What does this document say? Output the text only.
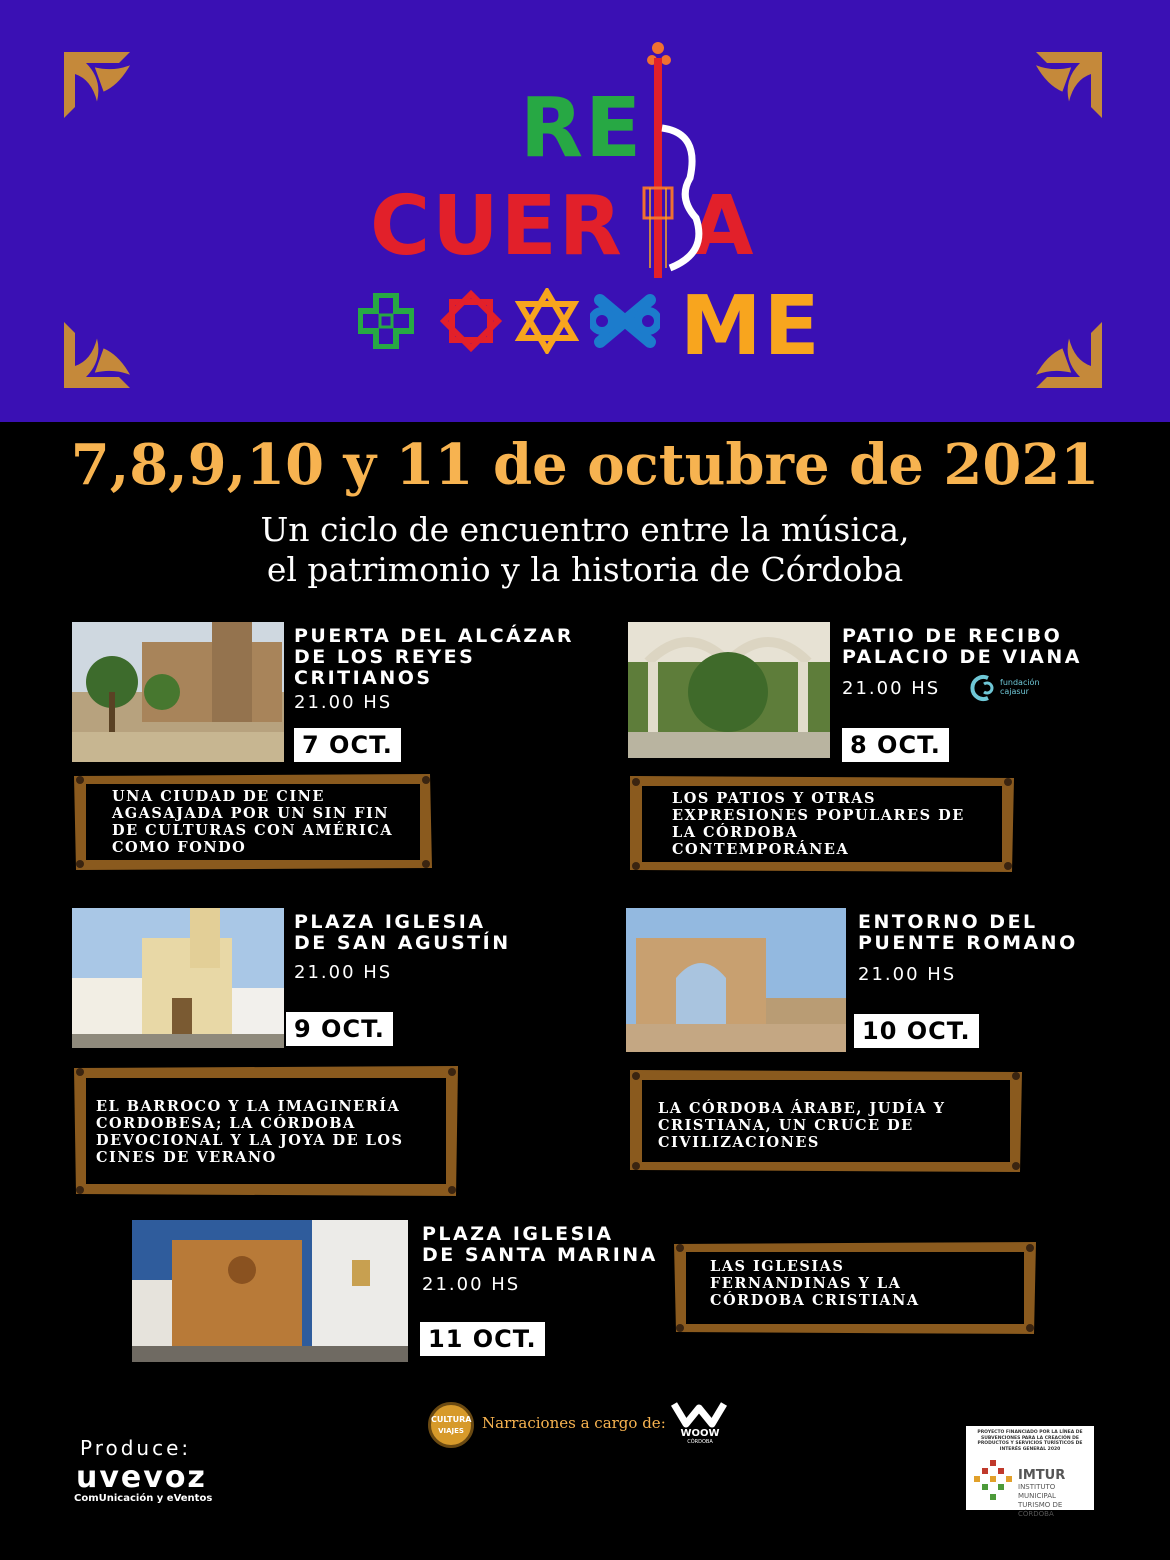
RE
CUER A
ME
7,8,9,10 y 11 de octubre de 2021
Un ciclo de encuentro entre la música,
el patrimonio y la historia de Córdoba
PUERTA DEL ALCÁZAR
DE LOS REYES
CRITIANOS
21.00 HS
7 OCT.
UNA CIUDAD DE CINE
AGASAJADA POR UN SIN FIN
DE CULTURAS CON AMÉRICA
COMO FONDO
PATIO DE RECIBO
PALACIO DE VIANA
21.00 HS	fundación
cajasur
8 OCT.
LOS PATIOS Y OTRAS
EXPRESIONES POPULARES DE
LA CÓRDOBA
CONTEMPORÁNEA
PLAZA IGLESIA
DE SAN AGUSTÍN
21.00 HS
9 OCT.
EL BARROCO Y LA IMAGINERÍA
CORDOBESA; LA CÓRDOBA
DEVOCIONAL Y LA JOYA DE LOS
CINES DE VERANO
ENTORNO DEL
PUENTE ROMANO
21.00 HS
10 OCT.
LA CÓRDOBA ÁRABE, JUDÍA Y
CRISTIANA, UN CRUCE DE
CIVILIZACIONES
PLAZA IGLESIA
DE SANTA MARINA
21.00 HS
11 OCT.
LAS IGLESIAS
FERNANDINAS Y LA
CÓRDOBA CRISTIANA
CULTURA
VIAJES	Narraciones a cargo de:
WOOW
CÓRDOBA
Produce:
uvevoz
ComUnicación y eVentos
PROYECTO FINANCIADO POR LA LÍNEA DE SUBVENCIONES PARA LA CREACIÓN DE PRODUCTOS Y SERVICIOS TURÍSTICOS DE INTERÉS GENERAL 2020
IMTUR
INSTITUTO MUNICIPAL
TURISMO DE CÓRDOBA
